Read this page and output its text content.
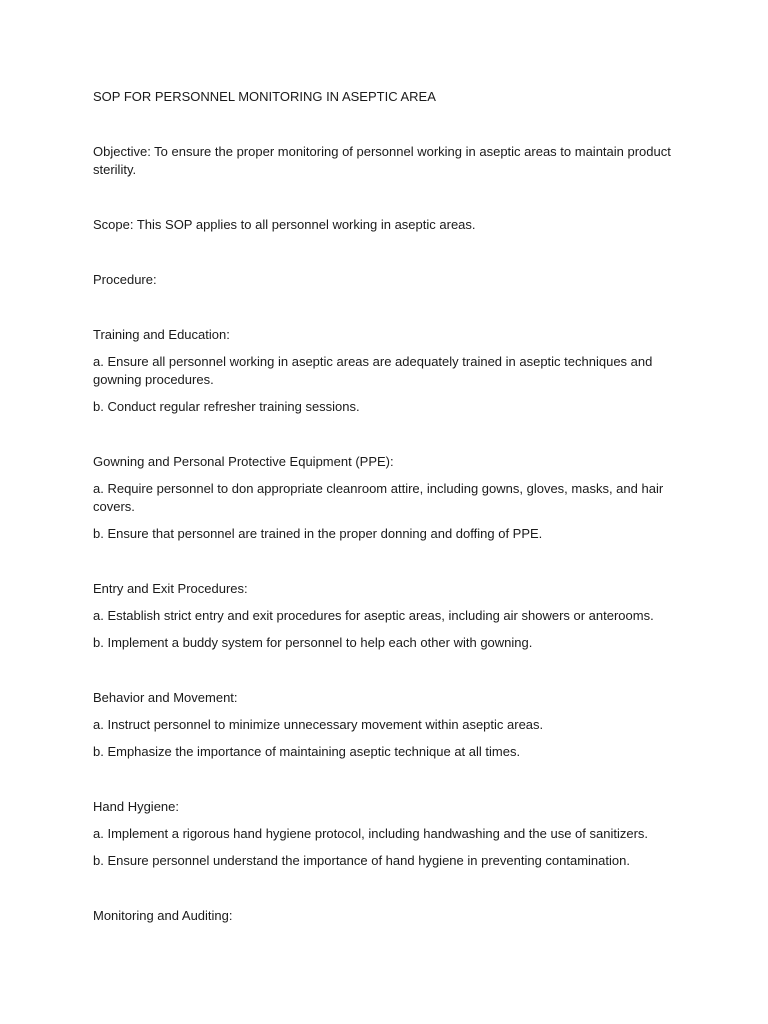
SOP FOR PERSONNEL MONITORING IN ASEPTIC AREA

Objective: To ensure the proper monitoring of personnel working in aseptic areas to maintain product sterility.

Scope: This SOP applies to all personnel working in aseptic areas.

Procedure:

Training and Education:

a. Ensure all personnel working in aseptic areas are adequately trained in aseptic techniques and gowning procedures.

b. Conduct regular refresher training sessions.

Gowning and Personal Protective Equipment (PPE):

a. Require personnel to don appropriate cleanroom attire, including gowns, gloves, masks, and hair covers.

b. Ensure that personnel are trained in the proper donning and doffing of PPE.

Entry and Exit Procedures:

a. Establish strict entry and exit procedures for aseptic areas, including air showers or anterooms.

b. Implement a buddy system for personnel to help each other with gowning.

Behavior and Movement:

a. Instruct personnel to minimize unnecessary movement within aseptic areas.

b. Emphasize the importance of maintaining aseptic technique at all times.

Hand Hygiene:

a. Implement a rigorous hand hygiene protocol, including handwashing and the use of sanitizers.

b. Ensure personnel understand the importance of hand hygiene in preventing contamination.

Monitoring and Auditing:
